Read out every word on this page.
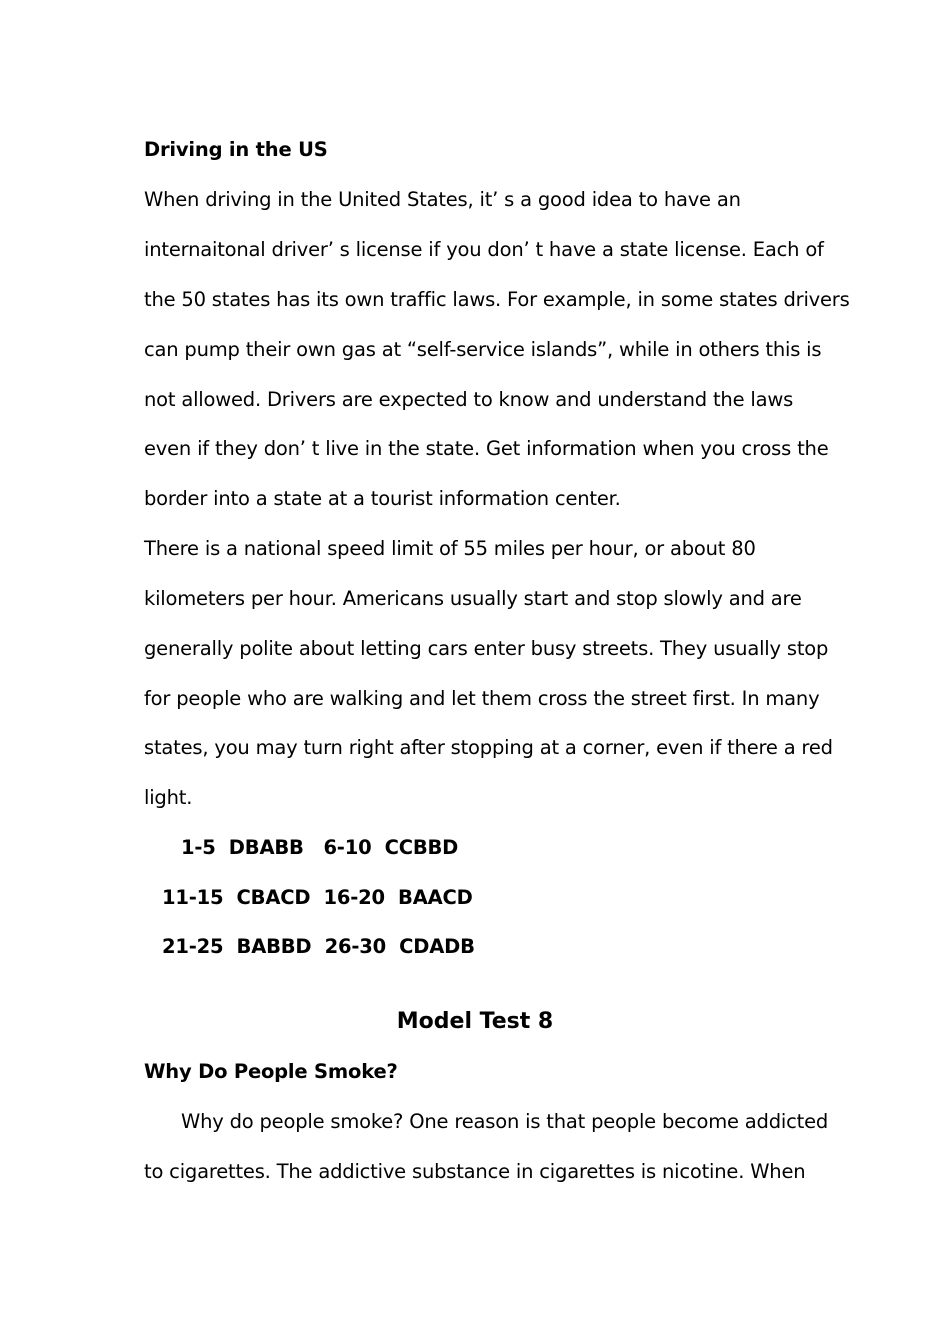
Driving in the US
When driving in the United States, it’ s a good idea to have an
internaitonal driver’ s license if you don’ t have a state license. Each of
the 50 states has its own traffic laws. For example, in some states drivers
can pump their own gas at “self-service islands”, while in others this is
not allowed. Drivers are expected to know and understand the laws
even if they don’ t live in the state. Get information when you cross the
border into a state at a tourist information center.
There is a national speed limit of 55 miles per hour, or about 80
kilometers per hour. Americans usually start and stop slowly and are
generally polite about letting cars enter busy streets. They usually stop
for people who are walking and let them cross the street first. In many
states, you may turn right after stopping at a corner, even if there a red
light.
1-5  DBABB   6-10  CCBBD
11-15  CBACD  16-20  BAACD
21-25  BABBD  26-30  CDADB
Model Test 8
Why Do People Smoke?
Why do people smoke? One reason is that people become addicted
to cigarettes. The addictive substance in cigarettes is nicotine. When
